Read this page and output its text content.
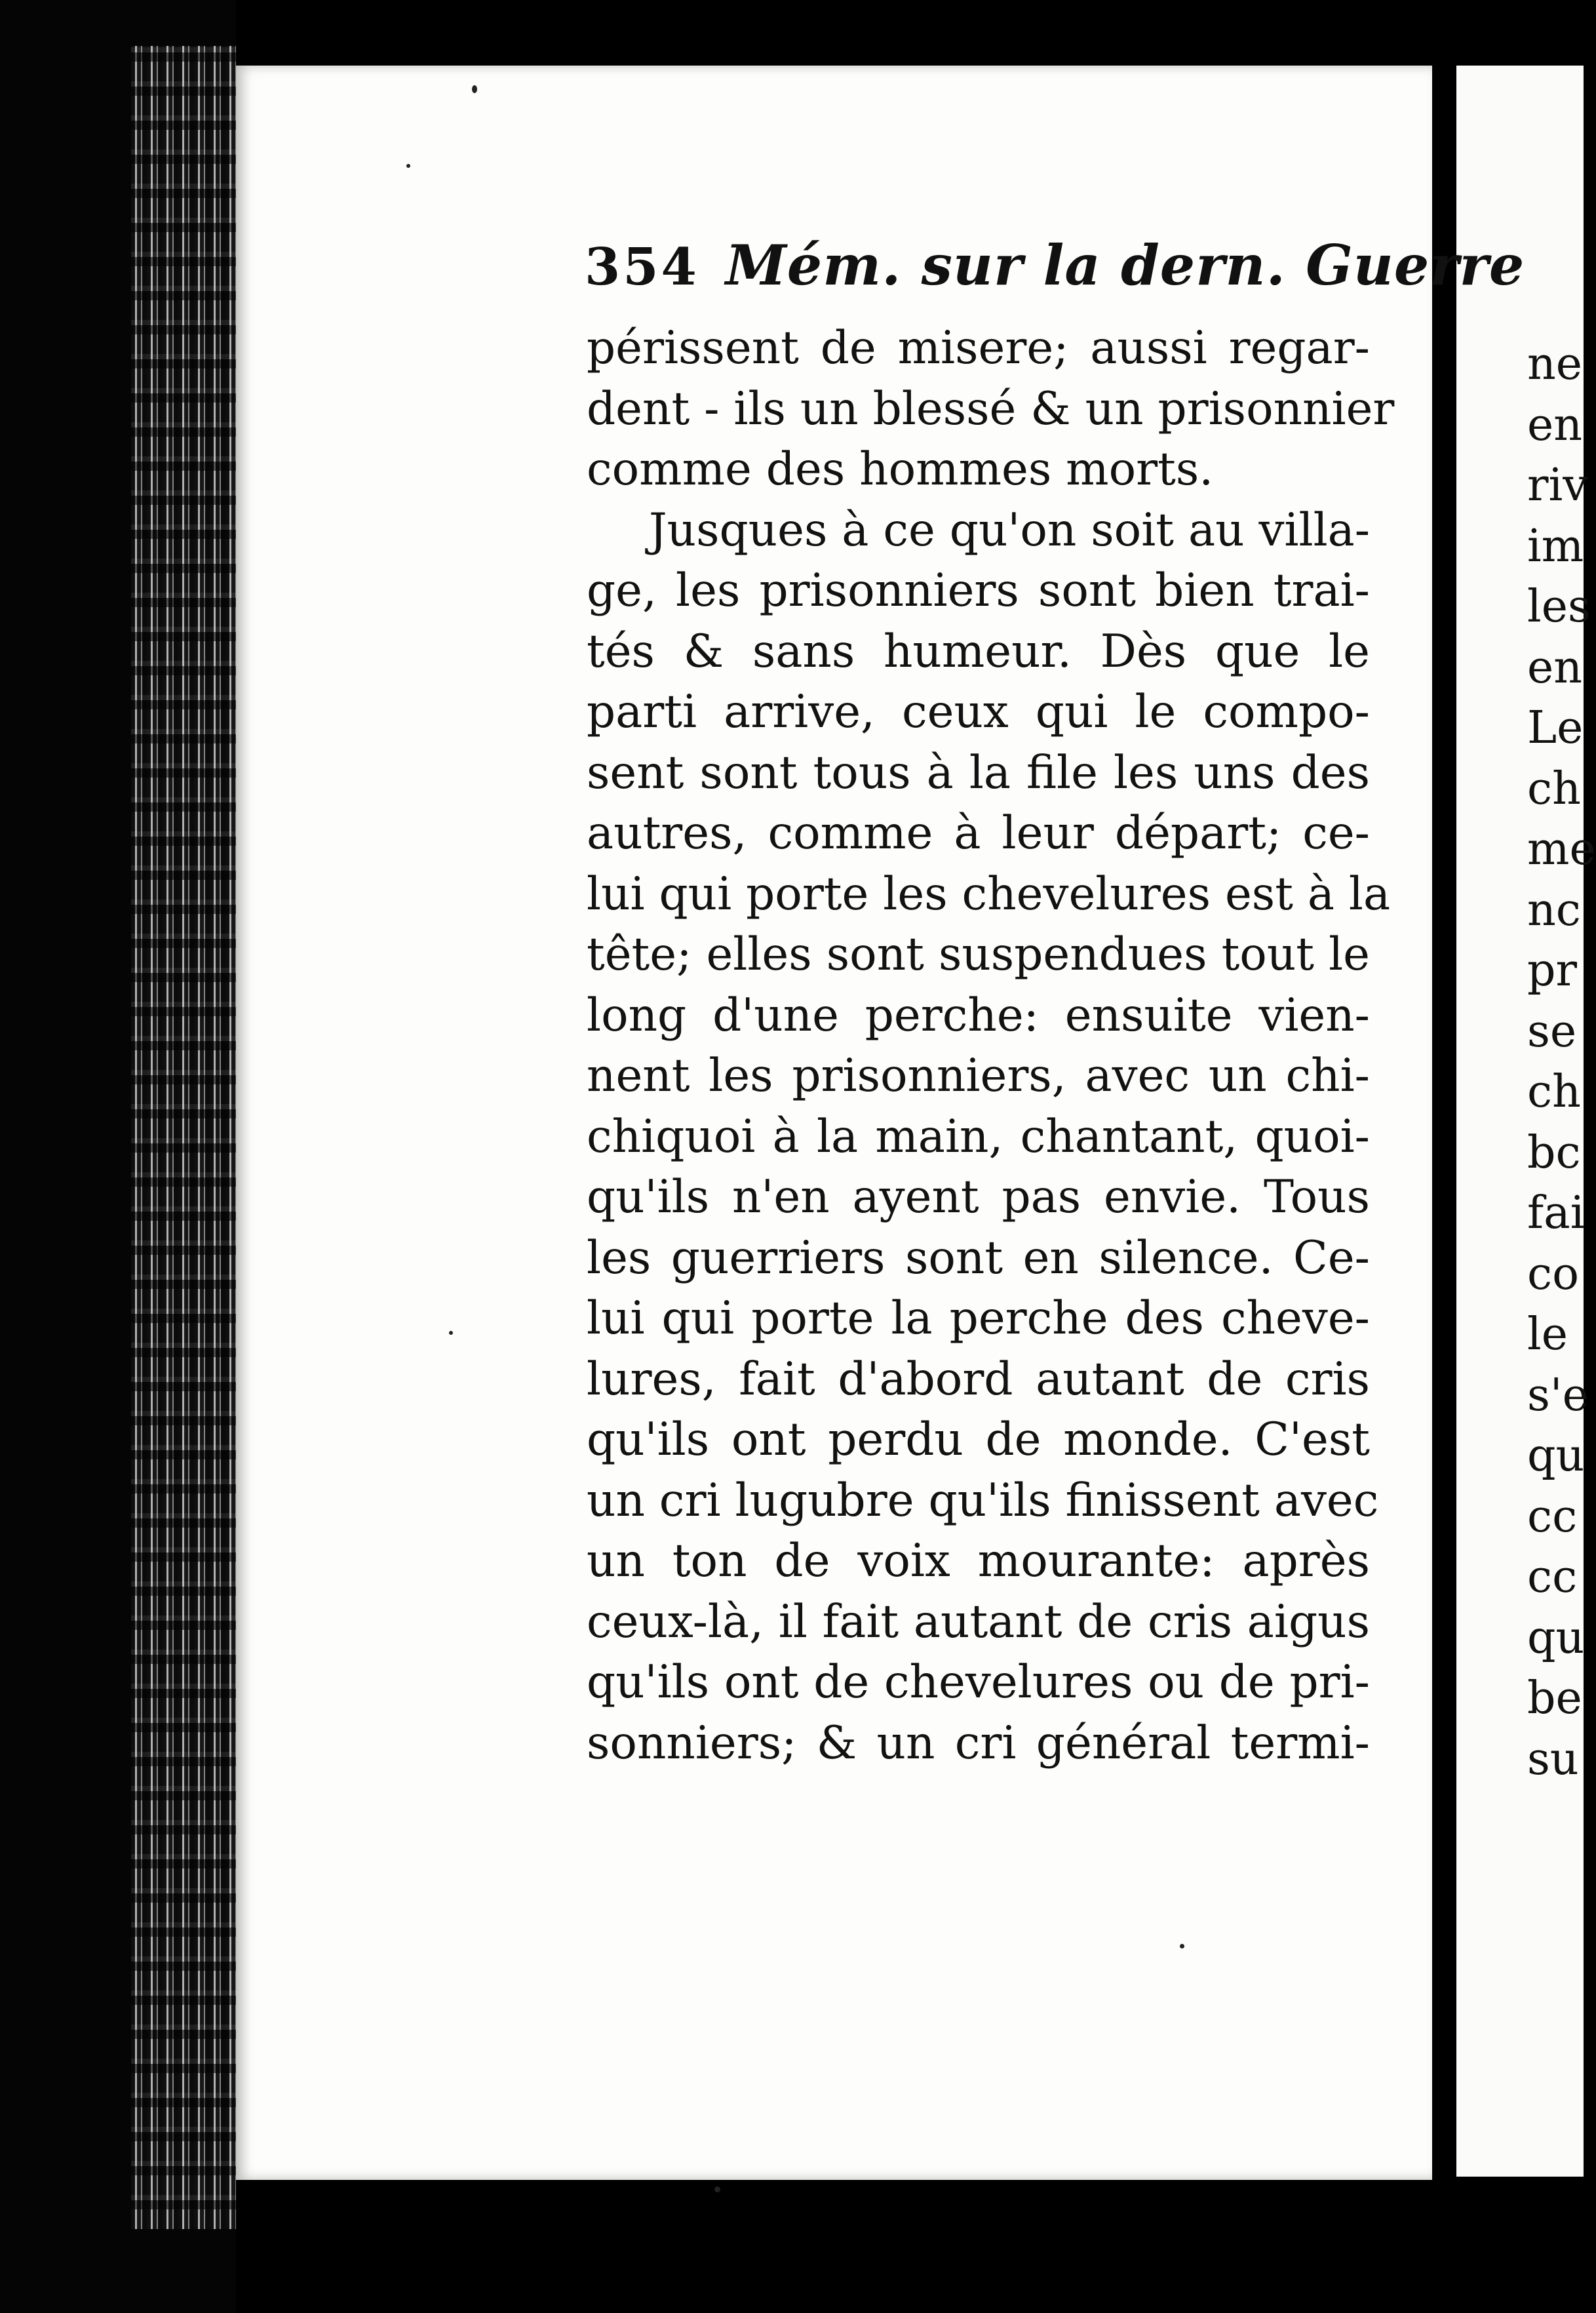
354 Mém. sur la dern. Guerre
périssent de misere; aussi regar-
dent - ils un blessé & un prisonnier
comme des hommes morts.
Jusques à ce qu'on soit au villa-
ge, les prisonniers sont bien trai-
tés & sans humeur. Dès que le
parti arrive, ceux qui le compo-
sent sont tous à la file les uns des
autres, comme à leur départ; ce-
lui qui porte les chevelures est à la
tête; elles sont suspendues tout le
long d'une perche: ensuite vien-
nent les prisonniers, avec un chi-
chiquoi à la main, chantant, quoi-
qu'ils n'en ayent pas envie. Tous
les guerriers sont en silence. Ce-
lui qui porte la perche des cheve-
lures, fait d'abord autant de cris
qu'ils ont perdu de monde. C'est
un cri lugubre qu'ils finissent avec
un ton de voix mourante: après
ceux-là, il fait autant de cris aigus
qu'ils ont de chevelures ou de pri-
sonniers; & un cri général termi-
ne
en
riv
im
les
en
Le
ch
me
nc
pr
se
ch
bc
fai
co
le
s'e
qu
cc
cc
qu
be
su
